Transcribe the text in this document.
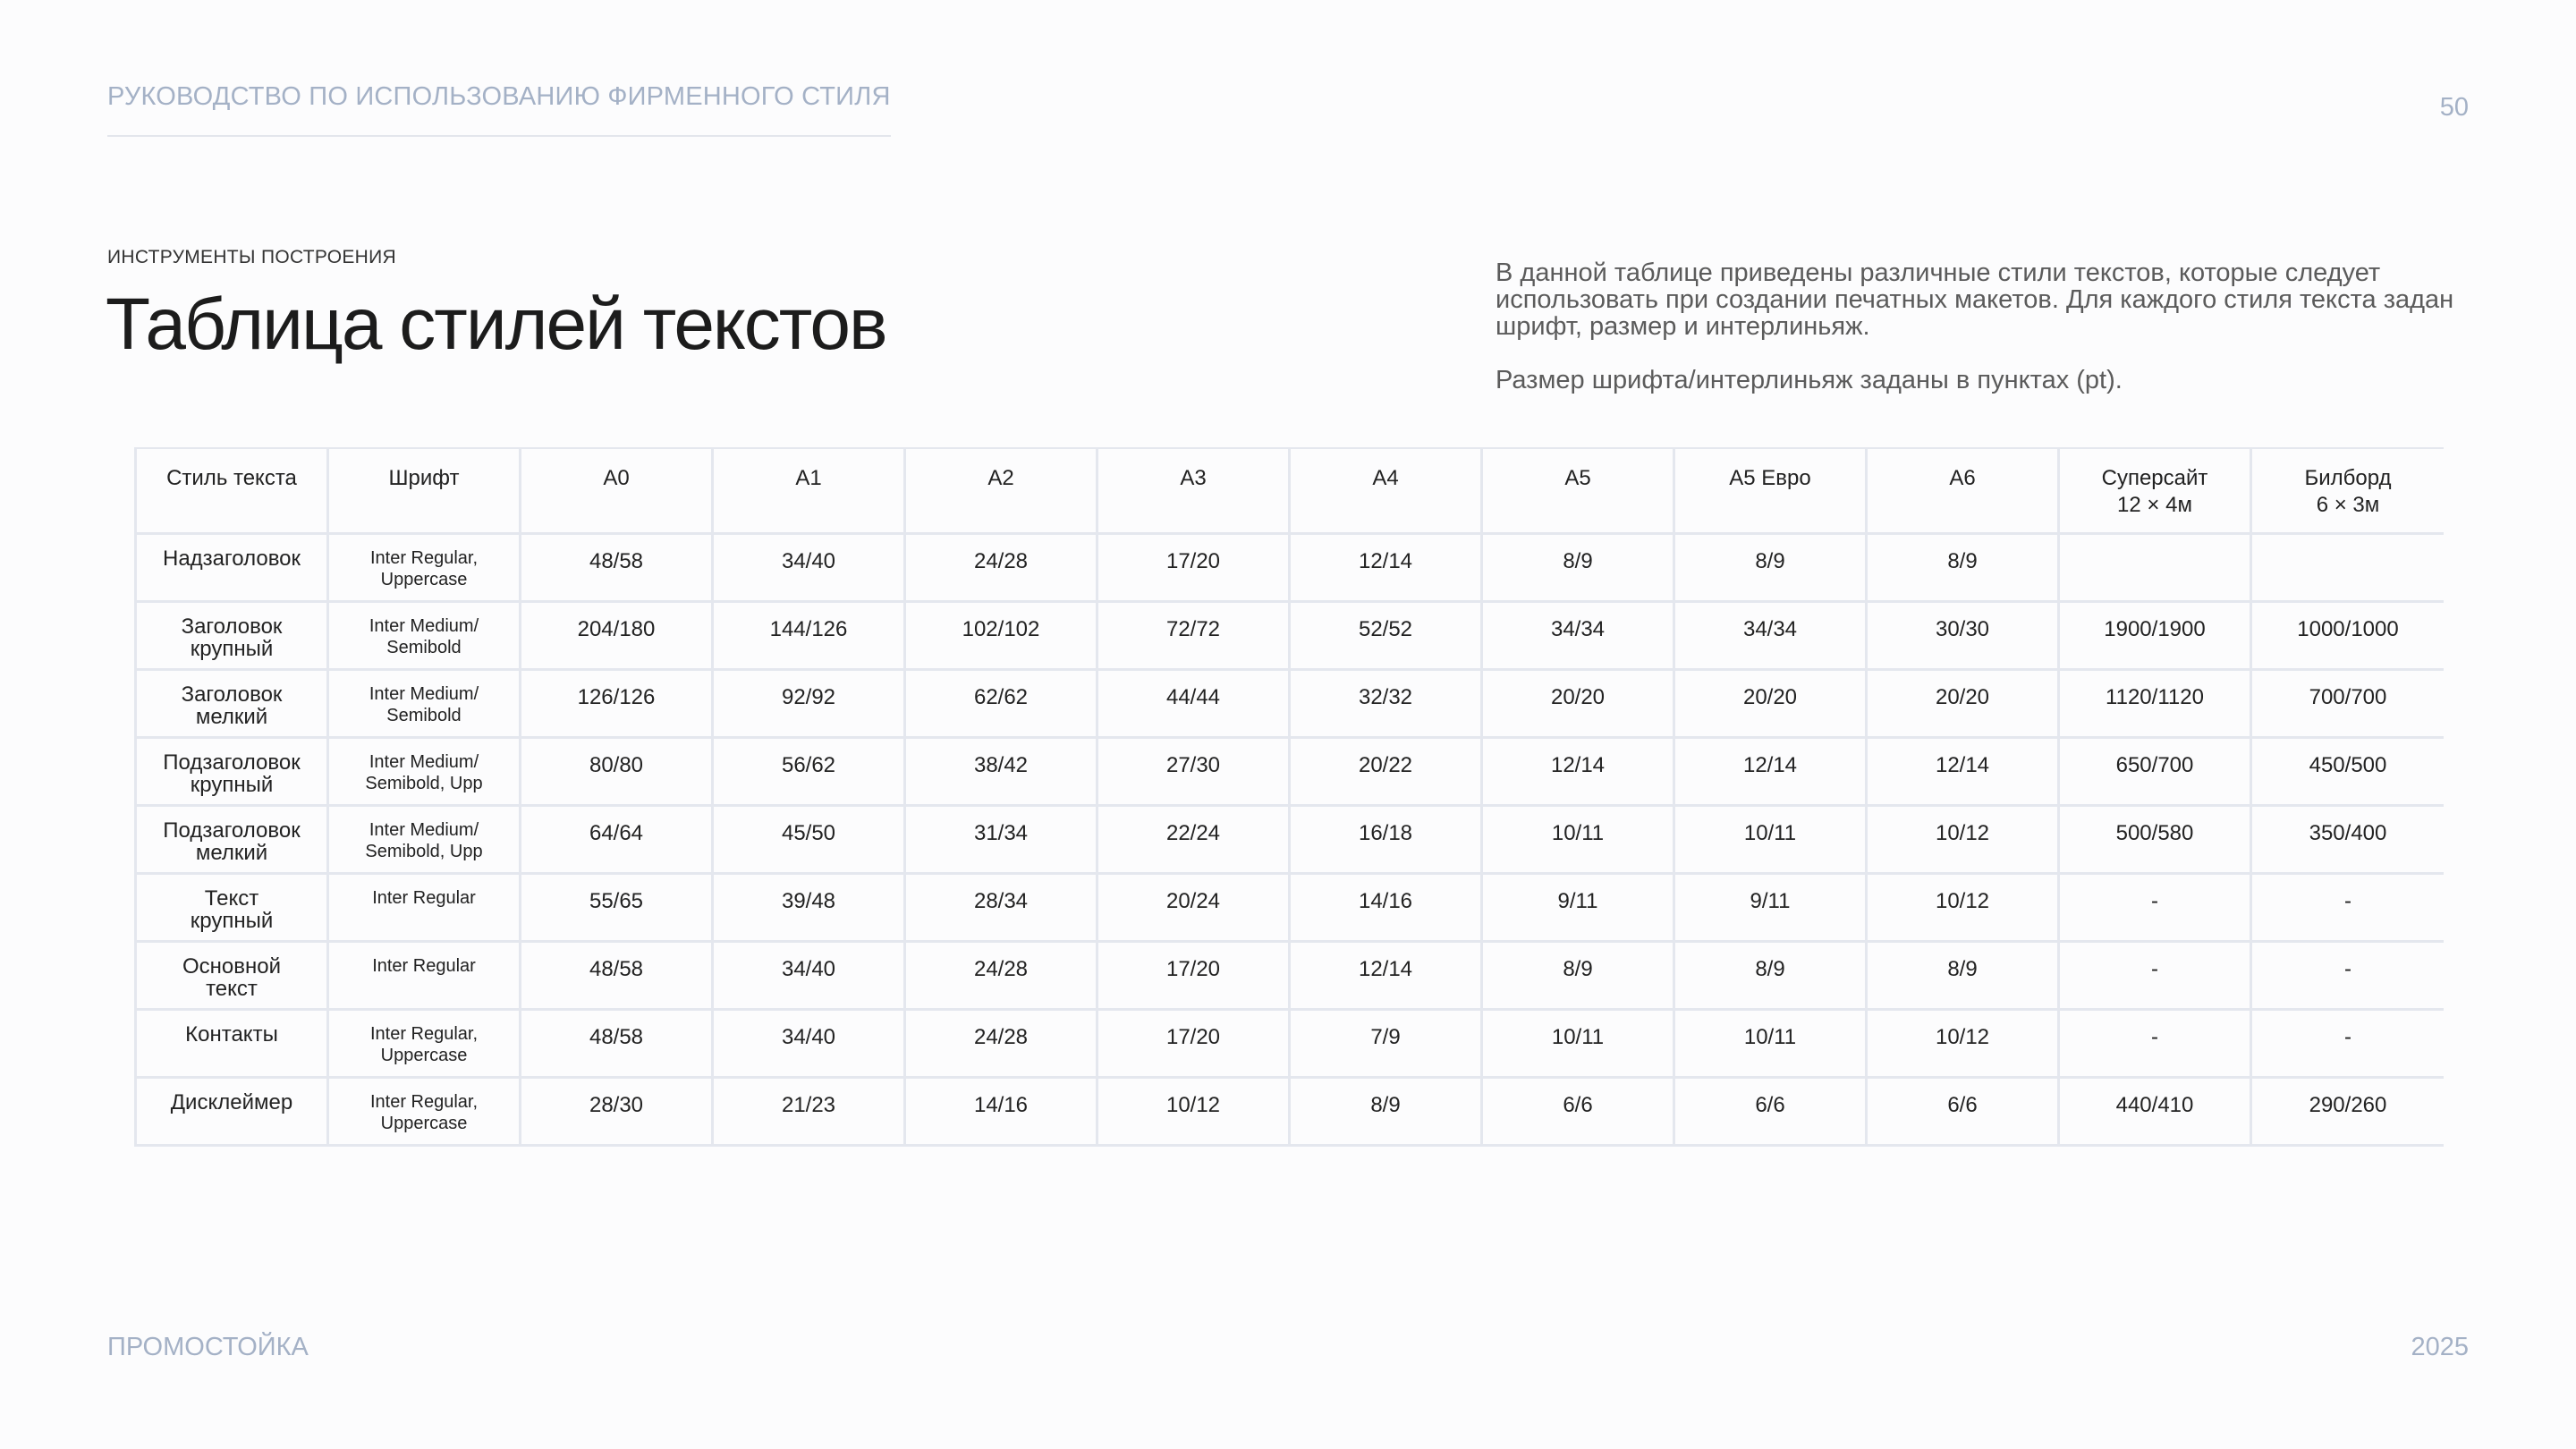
РУКОВОДСТВО ПО ИСПОЛЬЗОВАНИЮ ФИРМЕННОГО СТИЛЯ	50
ИНСТРУМЕНТЫ ПОСТРОЕНИЯ
Таблица стилей текстов

В данной таблице приведены различные стили текстов, которые следует использовать при создании печатных макетов. Для каждого стиля текста задан шрифт, размер и интерлиньяж.

Размер шрифта/интерлиньяж заданы в пунктах (pt).

Стиль текста	Шрифт	А0	А1	А2	А3	А4	А5	А5 Евро	А6	Суперсайт
12 × 4м	Билборд
6 × 3м

Надзаголовок	Inter Regular,
Uppercase	48/58	34/40	24/28	17/20	12/14	8/9	8/9	8/9		

Заголовок
крупный	Inter Medium/
Semibold	204/180	144/126	102/102	72/72	52/52	34/34	34/34	30/30	1900/1900	1000/1000

Заголовок
мелкий	Inter Medium/
Semibold	126/126	92/92	62/62	44/44	32/32	20/20	20/20	20/20	1120/1120	700/700

Подзаголовок
крупный	Inter Medium/
Semibold, Upp	80/80	56/62	38/42	27/30	20/22	12/14	12/14	12/14	650/700	450/500

Подзаголовок
мелкий	Inter Medium/
Semibold, Upp	64/64	45/50	31/34	22/24	16/18	10/11	10/11	10/12	500/580	350/400

Текст
крупный	Inter Regular	55/65	39/48	28/34	20/24	14/16	9/11	9/11	10/12	-	-

Основной
текст	Inter Regular	48/58	34/40	24/28	17/20	12/14	8/9	8/9	8/9	-	-

Контакты	Inter Regular,
Uppercase	48/58	34/40	24/28	17/20	7/9	10/11	10/11	10/12	-	-

Дисклеймер	Inter Regular,
Uppercase	28/30	21/23	14/16	10/12	8/9	6/6	6/6	6/6	440/410	290/260
ПРОМОСТОЙКА	2025
